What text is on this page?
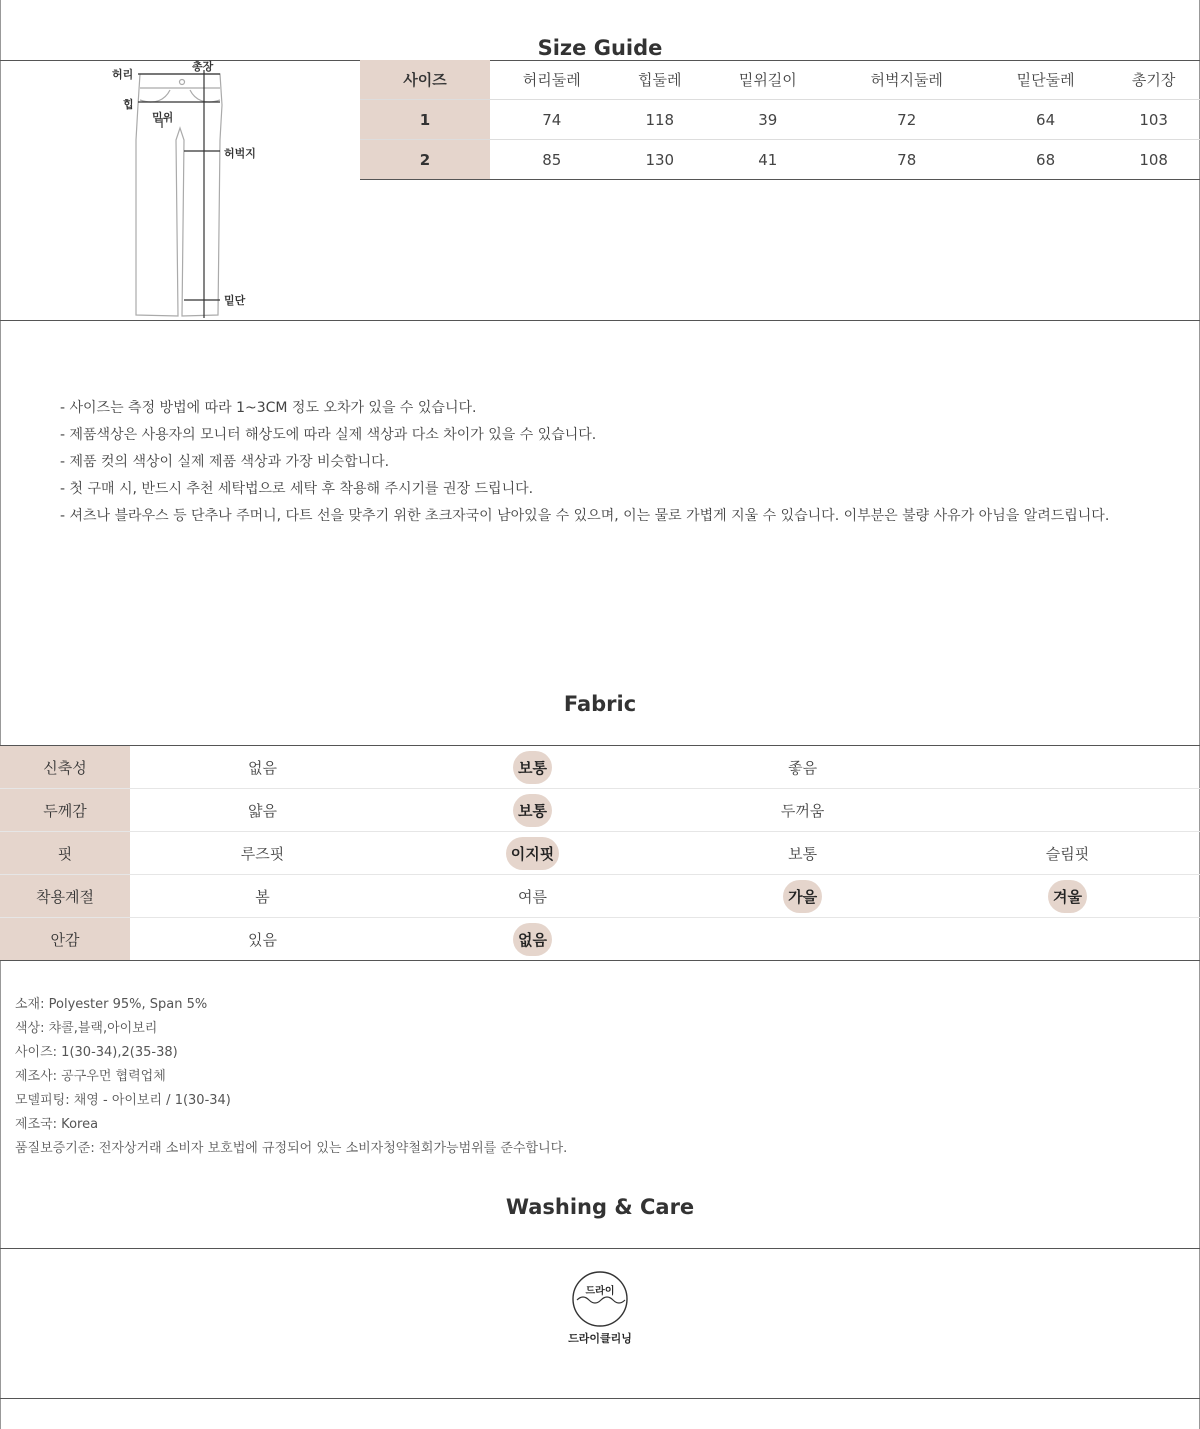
Size Guide
허리
총장
힙
밑위
허벅지
밑단
사이즈	허리둘레	힙둘레	밑위길이	허벅지둘레	밑단둘레	총기장
1	74	118	39	72	64	103
2	85	130	41	78	68	108
- 사이즈는 측정 방법에 따라 1~3CM 정도 오차가 있을 수 있습니다.
- 제품색상은 사용자의 모니터 해상도에 따라 실제 색상과 다소 차이가 있을 수 있습니다.
- 제품 컷의 색상이 실제 제품 색상과 가장 비슷합니다.
- 첫 구매 시, 반드시 추천 세탁법으로 세탁 후 착용해 주시기를 권장 드립니다.
- 셔츠나 블라우스 등 단추나 주머니, 다트 선을 맞추기 위한 초크자국이 남아있을 수 있으며, 이는 물로 가볍게 지울 수 있습니다. 이부분은 불량 사유가 아님을 알려드립니다.
Fabric
신축성	없음	보통	좋음	
두께감	얇음	보통	두꺼움	
핏	루즈핏	이지핏	보통	슬림핏
착용계절	봄	여름	가을	겨울
안감	있음	없음		
소재: Polyester 95%, Span 5%
색상: 챠콜,블랙,아이보리
사이즈: 1(30-34),2(35-38)
제조사: 공구우먼 협력업체
모델피팅: 채영 - 아이보리 / 1(30-34)
제조국: Korea
품질보증기준: 전자상거래 소비자 보호법에 규정되어 있는 소비자청약철회가능범위를 준수합니다.
Washing & Care
드라이
드라이클리닝
